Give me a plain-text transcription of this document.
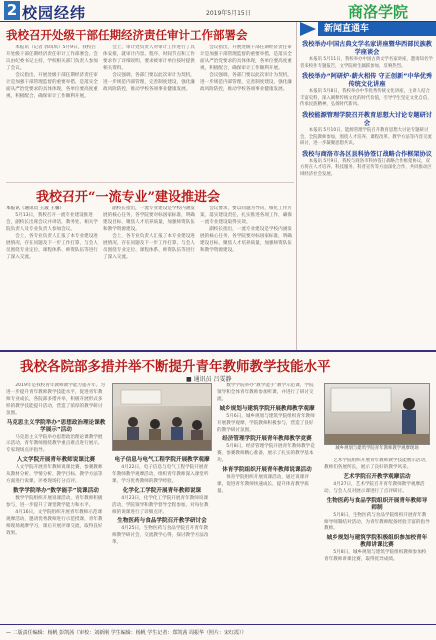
2 校园经纬	2019年5月15日	商洛学院
我校召开处级干部任期经济责任审计工作部署会

本报讯（记者 郭琪琪）5月9日，我校召开处级干部任期经济责任审计工作部署会。会议由纪委书记主持，学校相关部门负责人参加了会议。

会议指出，开展处级干部任期经济责任审计是加强干部管理监督的重要举措，是落实全面从严治党要求的具体体现，各单位要高度重视，积极配合，确保审计工作顺利开展。

会上，审计处负责人对审计工作进行了具体安排，就审计内容、程序、时间节点和工作要求作了详细说明，要求被审计单位按时提供相关资料。

会议强调，各部门要以此次审计为契机，进一步规范内部管理，完善制度建设，强化廉政风险防控，推动学校各项事业健康发展。

会议指出，开展处级干部任期经济责任审计是加强干部管理监督的重要举措，是落实全面从严治党要求的具体体现，各单位要高度重视，积极配合，确保审计工作顺利开展。

会议强调，各部门要以此次审计为契机，进一步规范内部管理，完善制度建设，强化廉政风险防控，推动学校各项事业健康发展。

我校召开“一流专业”建设推进会

本报讯（通讯员 王波 王馨）

5月13日，我校召开一流专业建设推进会，副校长出席会议并讲话，教务处、相关学院负责人及专业负责人参加会议。

会上，各专业负责人汇报了本专业建设进展情况、存在问题及下一步工作打算，与会人员围绕专业定位、课程体系、师资队伍等进行了深入交流。

副校长指出，一流专业建设是学校内涵发展的核心任务，各学院要对标国家标准，明确建设目标，聚焦人才培养质量，加强师资队伍和教学资源建设。

会上，各专业负责人汇报了本专业建设进展情况、存在问题及下一步工作打算，与会人员围绕专业定位、课程体系、师资队伍等进行了深入交流。

会议要求，要以问题为导向，细化工作方案，落实建设责任，扎实推进各项工作，确保一流专业建设取得实效。

副校长指出，一流专业建设是学校内涵发展的核心任务，各学院要对标国家标准，明确建设目标，聚焦人才培养质量，加强师资队伍和教学资源建设。

新闻直通车
我校举办中国古典文学名家讲座暨华西部民族教学座谈会

本报讯 5月11日，我校举办中国古典文学名家讲座，邀请知名学者来校作专题报告，文学院师生踊跃参加，反响热烈。

我校举办“阿研炉·薪火相传 守正创新”中华优秀传统文化讲座

本报讯 5月8日，我校举办中华优秀传统文化讲座，主讲人结合丰富史料，深入阐释传统文化的时代价值，引导学生坚定文化自信，传承民族精神，弘扬时代新风。

我校能源管理学院召开教育思想大讨论专题研讨会

本报讯 5月10日，能源管理学院召开教育思想大讨论专题研讨会，全院教师参加，围绕人才培养、课程改革、教学方法等内容交流研讨，进一步凝聚思想共识。

我校与商洛市各区县科协签订战略合作框架协议

本报讯 5月9日，我校与商洛市科协签订战略合作框架协议，双方将在人才培养、科技服务、科普宣传等方面深化合作，共同推动区域经济社会发展。

我校各院部多措并举不断提升青年教师教学技能水平
■ 通讯员 吕雯静

2019年是我校青年教师教学能力提升年。为进一步提升青年教师教学技能水平，促进青年教师专业成长，各院部多措并举，积极开展形式多样的教学技能提升活动，营造了浓厚的教学研讨氛围。

马克思主义学院举办“思想政治理论课教学展示”活动

马克思主义学院举办思想政治理论课教学展示活动，青年教师围绕教学重点难点进行展示，专家现场点评指导。

人文学院开展青年教师说课比赛

人文学院开展青年教师说课比赛，参赛教师从教材分析、学情分析、教学目标、教学方法等方面进行说课，评委现场打分点评。

数学学院举办“数学能手”说课活动

数学学院组织开展说课活动，青年教师积极参与，进一步提升了课堂教学能力和水平。

4月16日，文学院组织开展青年教师示范课观摩活动，邀请优秀教师进行示范授课，青年教师现场观摩学习，课后开展评课交流，取得良好效果。

电子信息与电气工程学院开展教学观摩

4月22日，电子信息与电气工程学院开展青年教师教学观摩活动，组织青年教师深入课堂听课，学习优秀教师的教学经验。

化学化工学院开展青年教师说课

4月23日，化学化工学院开展青年教师说课活动，学院领导和教学督导全程参加，对每位教师的说课进行了详细点评。

生物医药与食品学院召开教学研讨会

4月25日，生物医药与食品学院召开青年教师教学研讨会，交流教学心得，探讨教学方法改革。

数学学院举办“教学能手”教学示范课，学院领导和全体青年教师参加听课，并进行了研讨交流。

城乡规划与建筑学院开展教师教学观摩

5月6日，城乡规划与建筑学院组织青年教师开展教学观摩，学院教师积极参与，营造了良好的教学研讨氛围。

经济管理学院开展青年教师教学竞赛

5月8日，经济管理学院开展青年教师教学竞赛，参赛教师精心准备，展示了扎实的教学基本功。

体育学院组织开展青年教师说课活动

体育学院组织开展说课活动，通过说课评课，促进青年教师快速成长，提升体育教学质量。

城乡规划与建筑学院青年教师教学观摩现场

艺术学院组织开展青年教师教学技能展示活动，教师们各展所长，展示了良好的教学风采。

艺术学院召开教学观摩活动

4月27日，艺术学院召开青年教师教学观摩活动，与会人员对展示课进行了点评研讨。

生物医药与食品学院组织开展青年教师导师制

5月8日，生物医药与食品学院组织开展青年教师导师制结对活动，为青年教师配备经验丰富的指导教师。

城乡规划与建筑学院积极组织参加校青年教师讲课比赛

5月8日，城乡规划与建筑学院组织教师参加校青年教师讲课比赛，取得优异成绩。

— 二版责任编辑：杨帆 彭凯茜（审校：刘新刚 学生编辑：杨帆 学生记者：郑凯茜 周振华（照片：宋红霞））
